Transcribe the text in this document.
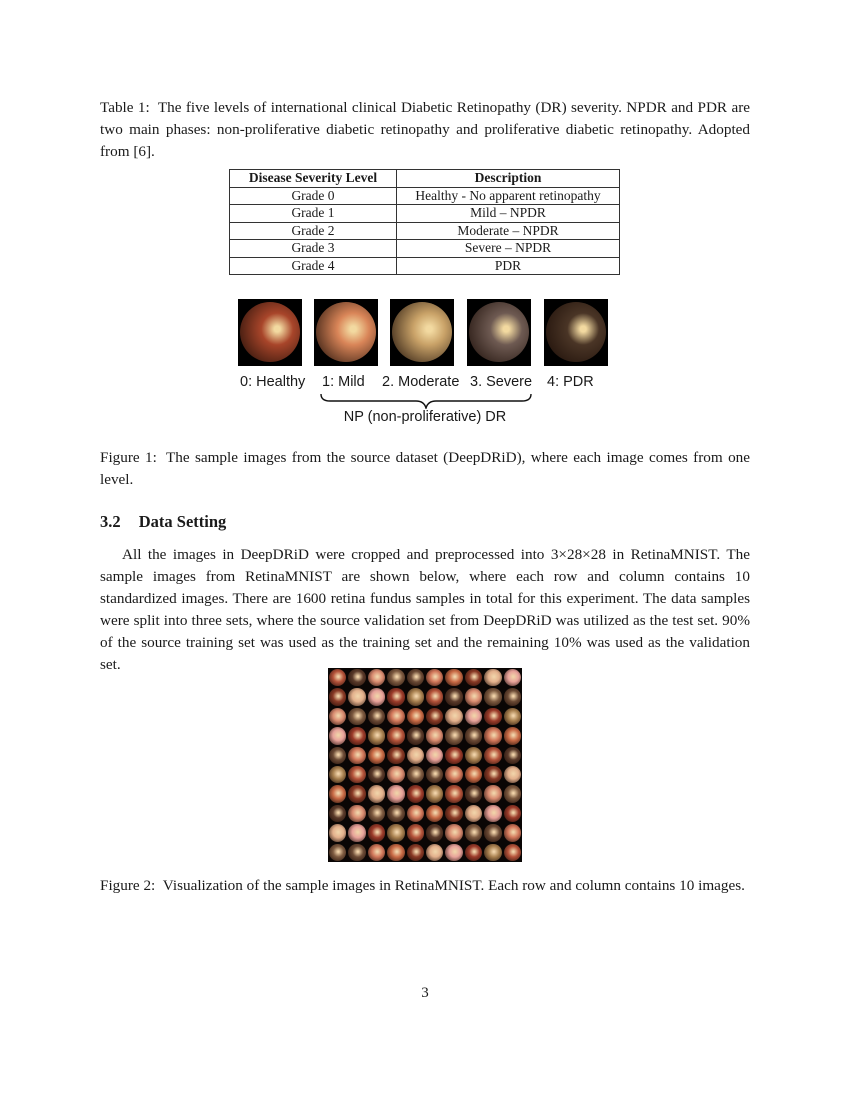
Table 1: The five levels of international clinical Diabetic Retinopathy (DR) severity. NPDR and PDR are two main phases: non-proliferative diabetic retinopathy and proliferative diabetic retinopathy. Adopted from [6].
Disease Severity Level	Description
Grade 0	Healthy - No apparent retinopathy
Grade 1	Mild – NPDR
Grade 2	Moderate – NPDR
Grade 3	Severe – NPDR
Grade 4	PDR
0: Healthy 1: Mild 2. Moderate 3. Severe 4: PDR
NP (non-proliferative) DR
Figure 1: The sample images from the source dataset (DeepDRiD), where each image comes from one level.
3.2 Data Setting
All the images in DeepDRiD were cropped and preprocessed into 3×28×28 in RetinaMNIST. The sample images from RetinaMNIST are shown below, where each row and column contains 10 standardized images. There are 1600 retina fundus samples in total for this experiment. The data samples were split into three sets, where the source validation set from DeepDRiD was utilized as the test set. 90% of the source training set was used as the training set and the remaining 10% was used as the validation set.
Figure 2: Visualization of the sample images in RetinaMNIST. Each row and column contains 10 images.
3
